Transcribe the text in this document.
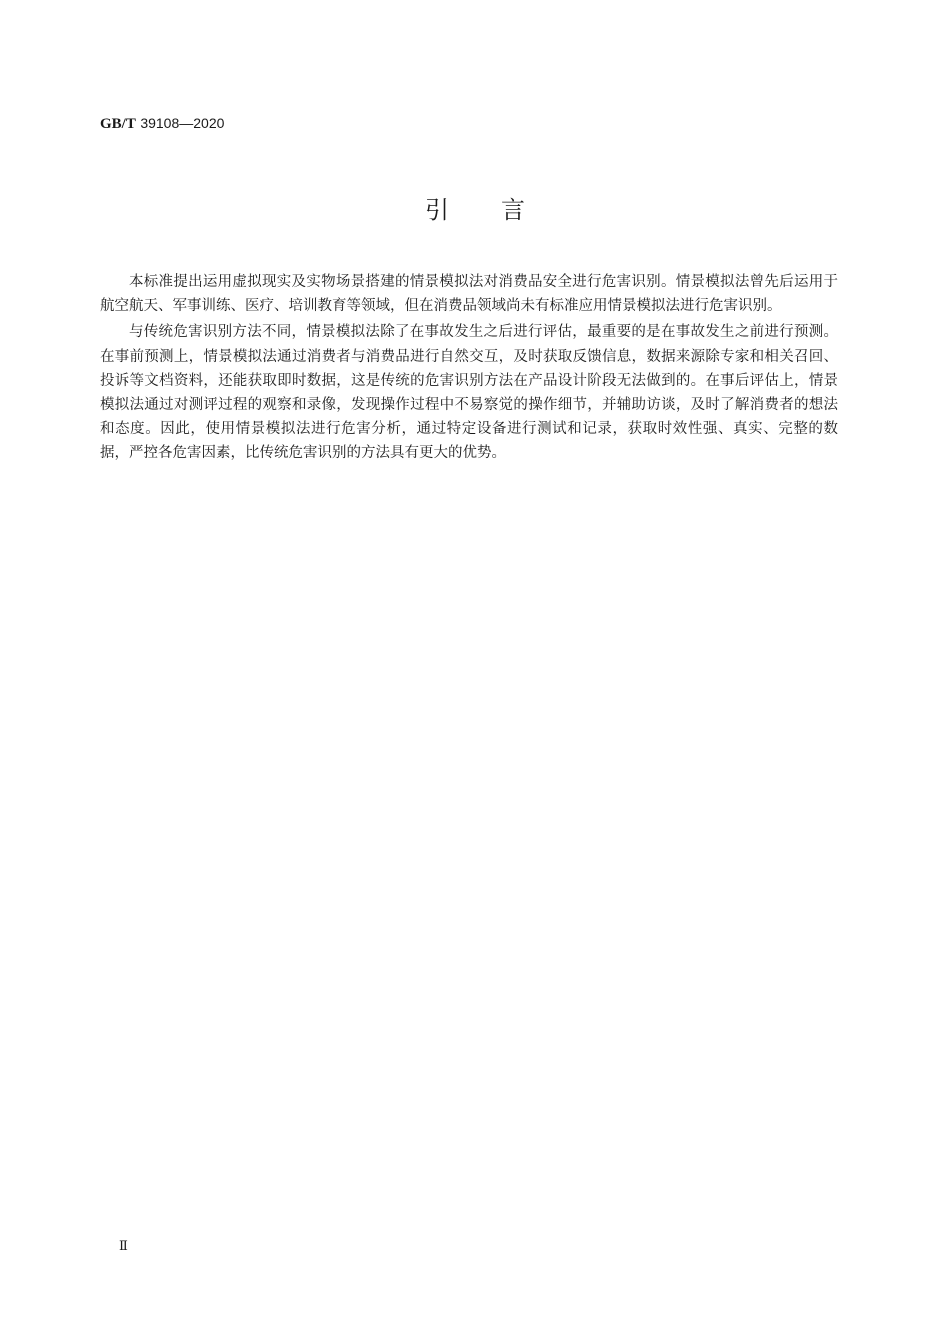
GB/T 39108—2020
引言

本标准提出运用虚拟现实及实物场景搭建的情景模拟法对消费品安全进行危害识别。情景模拟法曾先后运用于航空航天、军事训练、医疗、培训教育等领域，但在消费品领域尚未有标准应用情景模拟法进行危害识别。

与传统危害识别方法不同，情景模拟法除了在事故发生之后进行评估，最重要的是在事故发生之前进行预测。在事前预测上，情景模拟法通过消费者与消费品进行自然交互，及时获取反馈信息，数据来源除专家和相关召回、投诉等文档资料，还能获取即时数据，这是传统的危害识别方法在产品设计阶段无法做到的。在事后评估上，情景模拟法通过对测评过程的观察和录像，发现操作过程中不易察觉的操作细节，并辅助访谈，及时了解消费者的想法和态度。因此，使用情景模拟法进行危害分析，通过特定设备进行测试和记录，获取时效性强、真实、完整的数据，严控各危害因素，比传统危害识别的方法具有更大的优势。

Ⅱ
